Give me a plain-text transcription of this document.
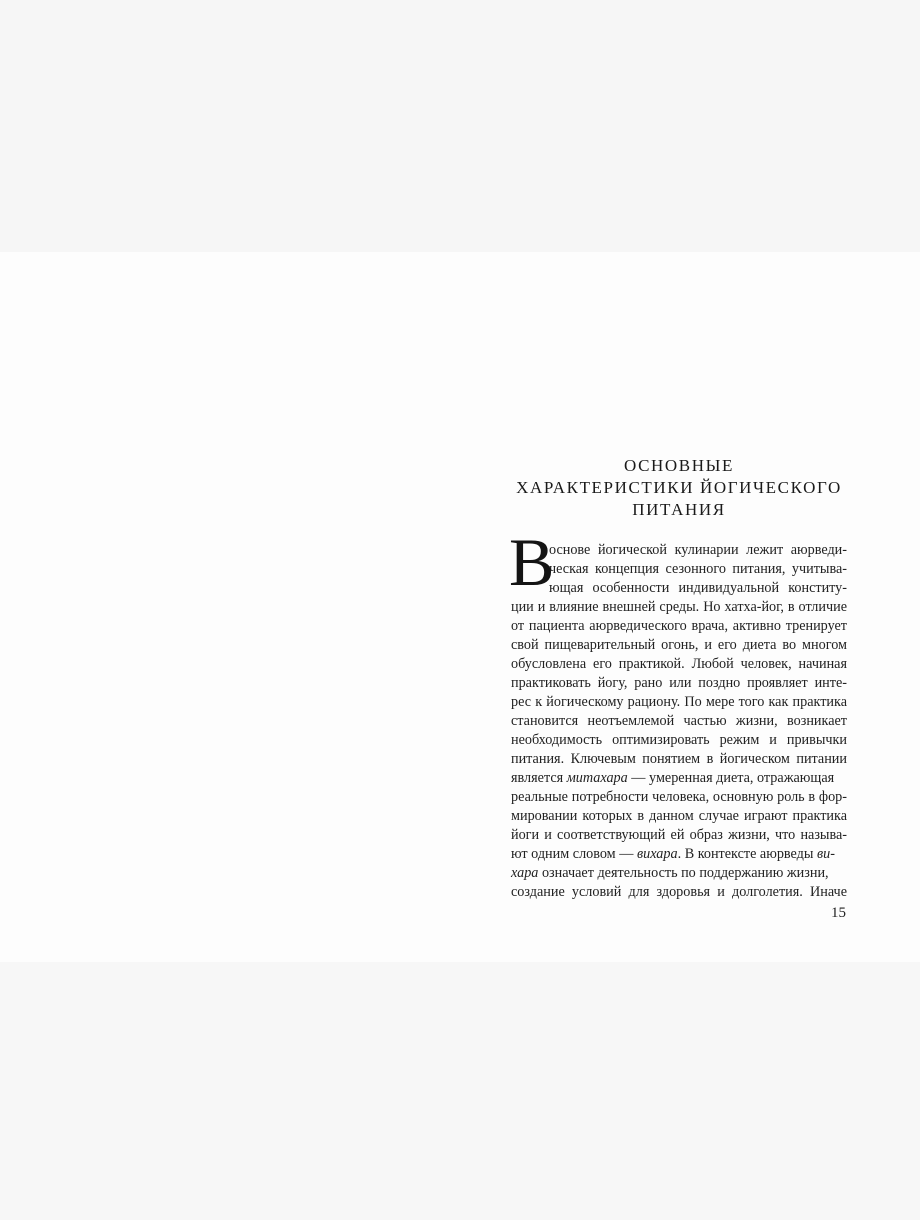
ОСНОВНЫЕ
ХАРАКТЕРИСТИКИ ЙОГИЧЕСКОГО
ПИТАНИЯ
В
основе йогической кулинарии лежит аюрведи-
ческая концепция сезонного питания, учитыва-
ющая особенности индивидуальной конститу-
ции и влияние внешней среды. Но хатха-йог, в отличие
от пациента аюрведического врача, активно тренирует
свой пищеварительный огонь, и его диета во многом
обусловлена его практикой. Любой человек, начиная
практиковать йогу, рано или поздно проявляет инте-
рес к йогическому рациону. По мере того как практика
становится неотъемлемой частью жизни, возникает
необходимость оптимизировать режим и привычки
питания. Ключевым понятием в йогическом питании
является митахара — умеренная диета, отражающая
реальные потребности человека, основную роль в фор-
мировании которых в данном случае играют практика
йоги и соответствующий ей образ жизни, что называ-
ют одним словом — вихара. В контексте аюрведы ви-
хара означает деятельность по поддержанию жизни,
создание условий для здоровья и долголетия. Иначе
15
